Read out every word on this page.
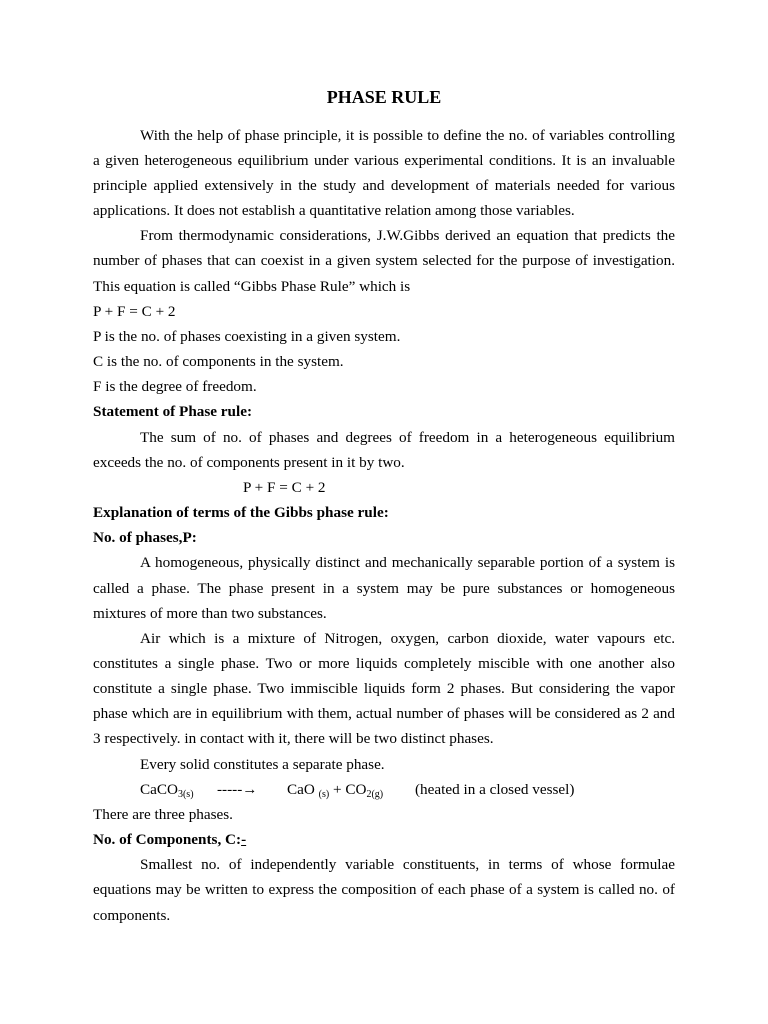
PHASE RULE
With the help of phase principle, it is possible to define the no. of variables controlling
a given heterogeneous equilibrium under various experimental conditions. It is an invaluable
principle applied extensively in the study and development of materials needed for various
applications. It does not establish a quantitative relation among those variables.
From thermodynamic considerations, J.W.Gibbs derived an equation that predicts the
number of phases that can coexist in a given system selected for the purpose of investigation.
This equation is called “Gibbs Phase Rule” which is
P + F = C + 2
P is the no. of phases coexisting in a given system.
C is the no. of components in the system.
F is the degree of freedom.
Statement of Phase rule:
The sum of no. of phases and degrees of freedom in a heterogeneous equilibrium
exceeds the no. of components present in it by two.
P + F = C + 2
Explanation of terms of the Gibbs phase rule:
No. of phases,P:
A homogeneous, physically distinct and mechanically separable portion of a system is
called a phase. The phase present in a system may be pure substances or homogeneous
mixtures of more than two substances.
Air which is a mixture of Nitrogen, oxygen, carbon dioxide, water vapours etc.
constitutes a single phase. Two or more liquids completely miscible with one another also
constitute a single phase. Two immiscible liquids form 2 phases. But considering the vapor
phase which are in equilibrium with them, actual number of phases will be considered as 2 and
3 respectively. in contact with it, there will be two distinct phases.
Every solid constitutes a separate phase.
CaCO$_{3(s)}$ -----→ CaO $_{(s)} + CO_{2(g)}$ (heated in a closed vessel)
There are three phases.
No. of Components, C:-
Smallest no. of independently variable constituents, in terms of whose formulae
equations may be written to express the composition of each phase of a system is called no. of
components.
